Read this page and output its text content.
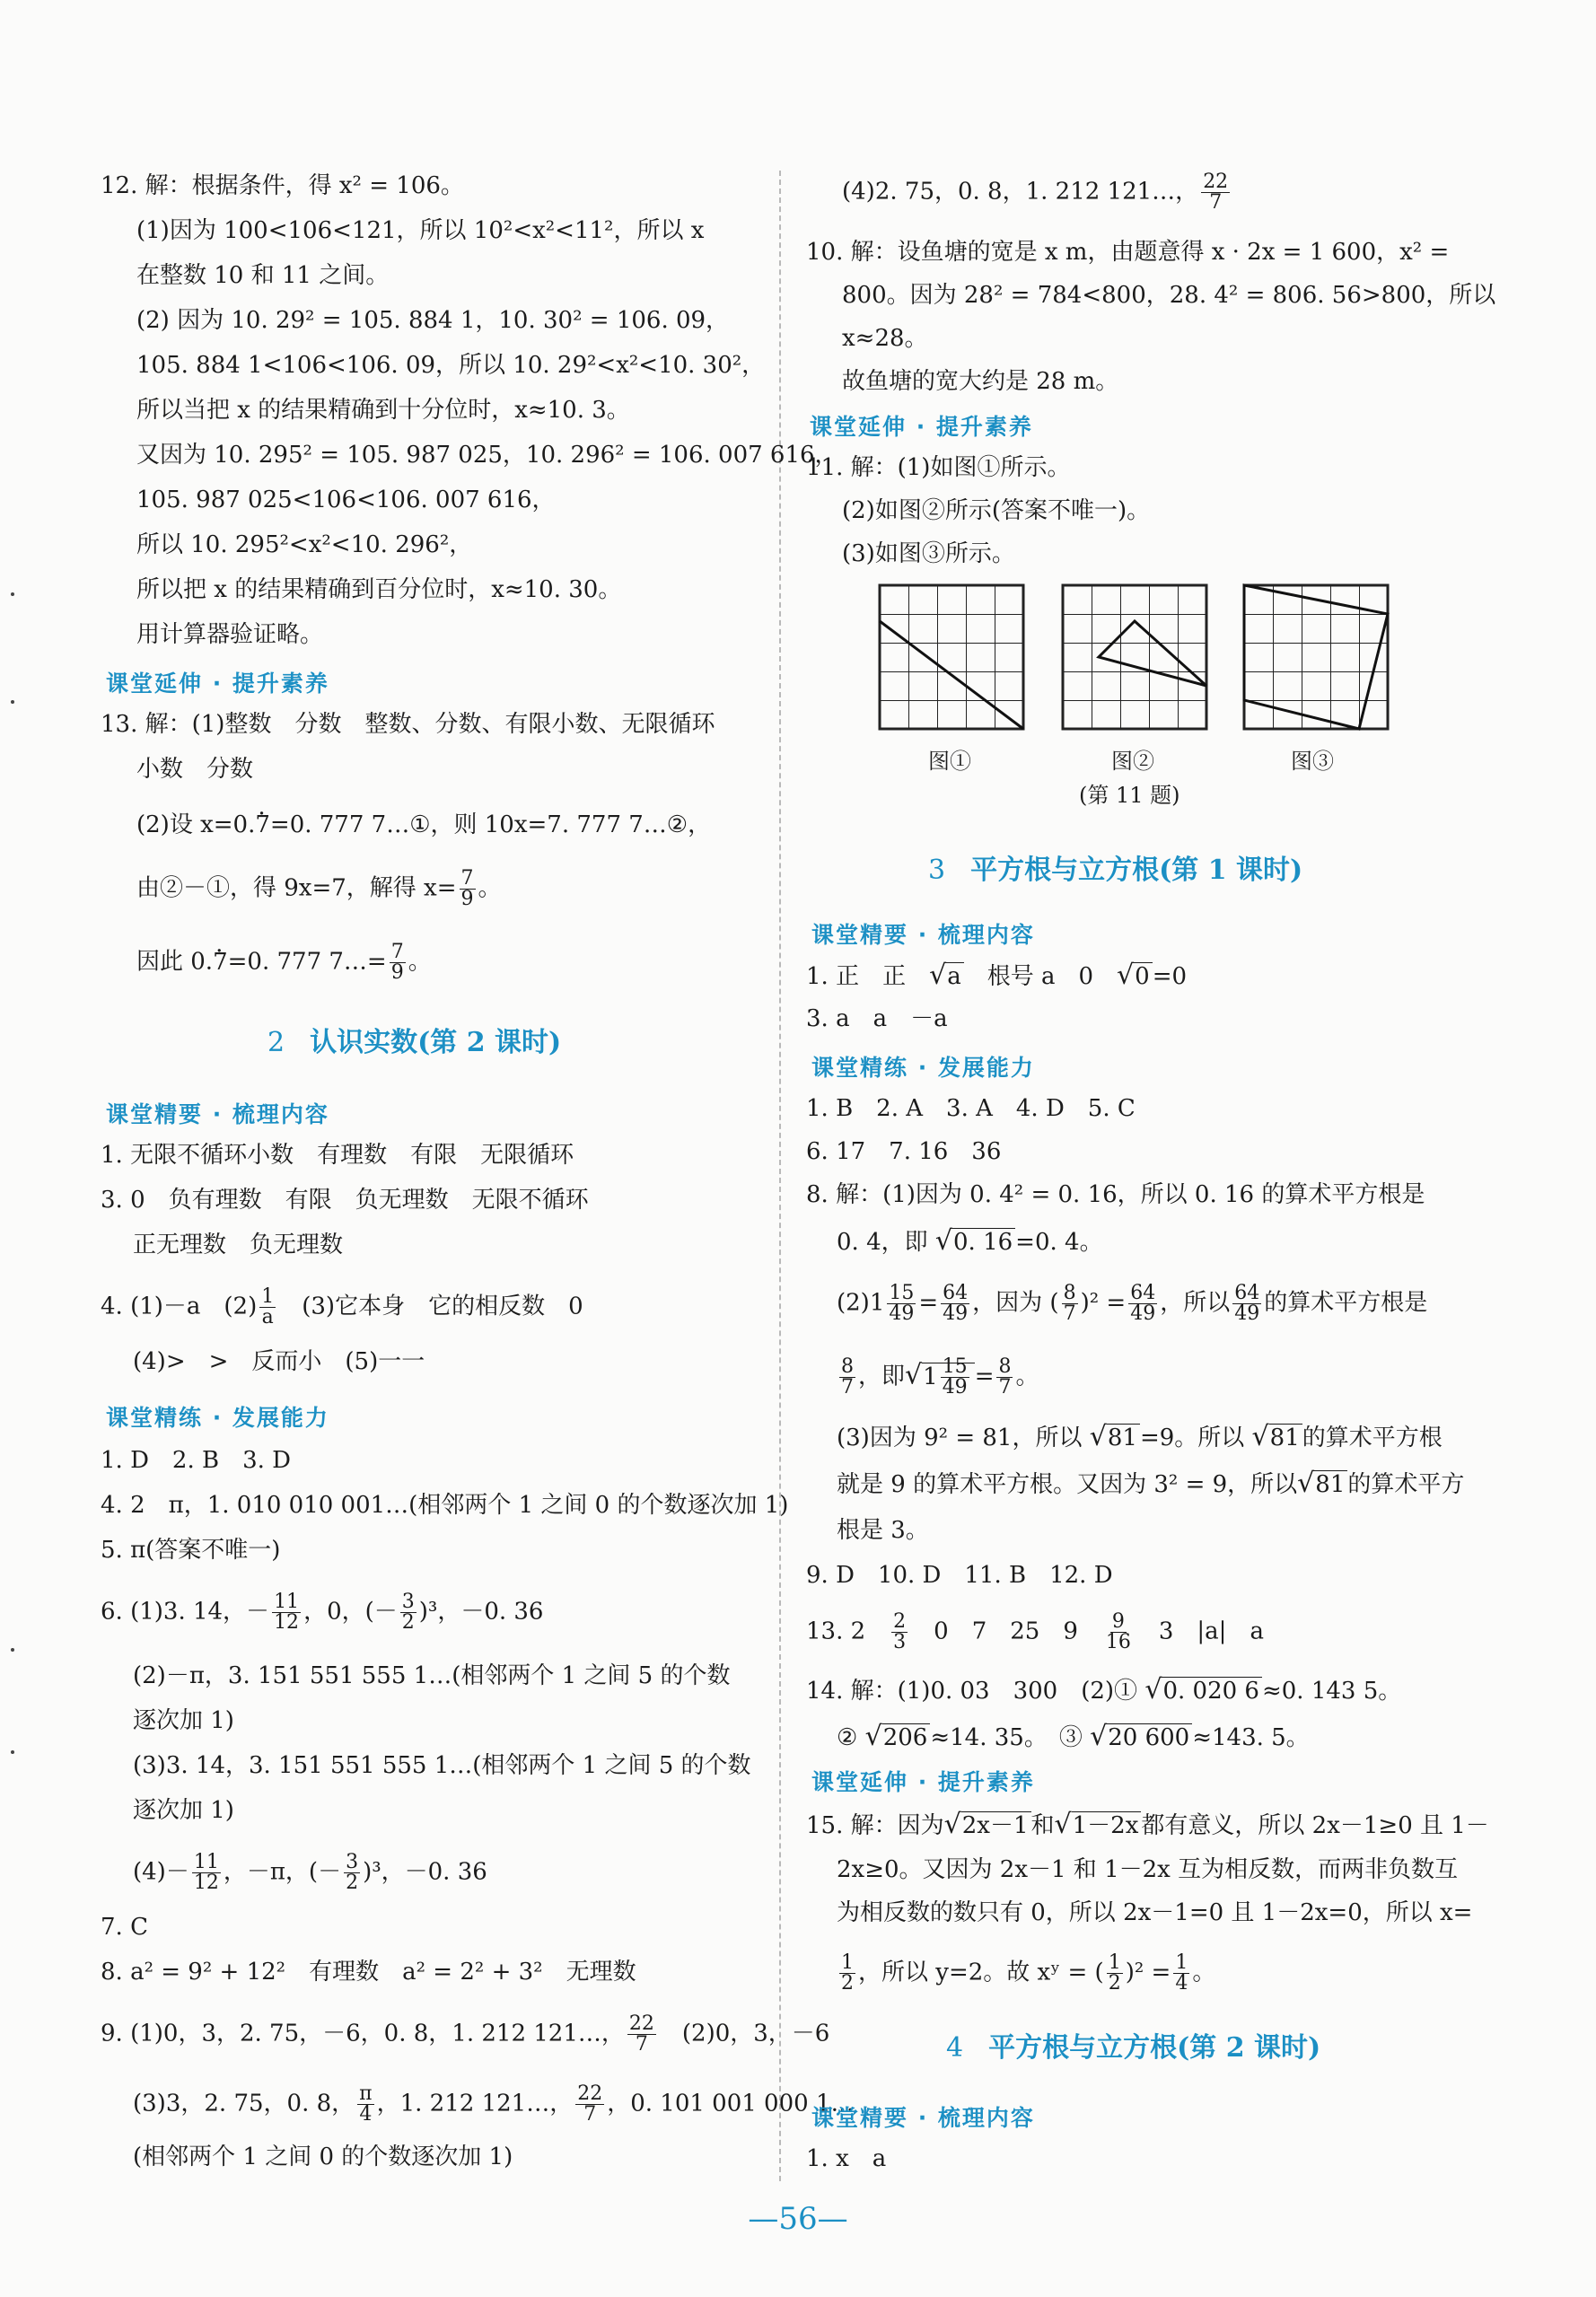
12. 解：根据条件，得 x² = 106。
(1)因为 100<106<121，所以 10²<x²<11²，所以 x
在整数 10 和 11 之间。
(2) 因为 10. 29² = 105. 884 1，10. 30² = 106. 09，
105. 884 1<106<106. 09，所以 10. 29²<x²<10. 30²，
所以当把 x 的结果精确到十分位时，x≈10. 3。
又因为 10. 295² = 105. 987 025，10. 296² = 106. 007 616，
105. 987 025<106<106. 007 616，
所以 10. 295²<x²<10. 296²，
所以把 x 的结果精确到百分位时，x≈10. 30。
用计算器验证略。
课堂延伸 · 提升素养
13. 解：(1)整数　分数　整数、分数、有限小数、无限循环
小数　分数
(2)设 x=0.. 7=0. 777 7…①，则 10x=7. 777 7…②，
由②－①，得 9x=7，解得 $x= \frac{7}{9}$ 。
因此 0.. 7=0. 777 7…= $\frac{7}{9}$ 。
2 认识实数(第 2 课时)
课堂精要 · 梳理内容
1. 无限不循环小数　有理数　有限　无限循环
3. 0　负有理数　有限　负无理数　无限不循环
正无理数　负无理数
4. (1)－a　$(2) \frac{1}{a}$ 　(3)它本身　它的相反数　0
(4)>　>　反而小　(5)一一
课堂精练 · 发展能力
1. D　2. B　3. D
4. 2　π，1. 010 010 001…(相邻两个 1 之间 0 的个数逐次加 1)
5. π(答案不唯一)
6. (1)3. 14，－ $\frac{11}{12}$ ，0，(－ $\frac{3}{2} )^3$，－0. 36
(2)－π，3. 151 551 555 1…(相邻两个 1 之间 5 的个数
逐次加 1)
(3)3. 14，3. 151 551 555 1…(相邻两个 1 之间 5 的个数
逐次加 1)
$(4)- \frac{11}{12}$ ，－π，(－ $\frac{3}{2} )^3$，－0. 36
7. C
8. a² = 9² + 12²　有理数　a² = 2² + 3²　无理数
9. (1)0，3，2. 75，－6，0. 8，1. 212 121…， $\frac{22}{7}$ 　(2)0，3，－6
(3)3，2. 75，0. 8， $\frac{\pi}{4}$ ，1. 212 121…， $\frac{22}{7}$ ，0. 101 001 000 1…
(相邻两个 1 之间 0 的个数逐次加 1)
(4)2. 75，0. 8，1. 212 121…， $\frac{22}{7}$
10. 解：设鱼塘的宽是 x m，由题意得 x · 2x = 1 600，x² =
800。因为 28² = 784<800，28. 4² = 806. 56>800，所以
x≈28。
故鱼塘的宽大约是 28 m。
课堂延伸 · 提升素养
11. 解：(1)如图①所示。
(2)如图②所示(答案不唯一)。
(3)如图③所示。
图①	图②	图③
(第 11 题)
3 平方根与立方根(第 1 课时)
课堂精要 · 梳理内容
1. 正　正　√a　根号 a　0　√0 =0
3. a　a　－a
课堂精练 · 发展能力
1. B　2. A　3. A　4. D　5. C
6. 17　7. 16　36
8. 解：(1)因为 0. 4² = 0. 16，所以 0. 16 的算术平方根是
0. 4，即 √0. 16 =0. 4。
$(2)1 \frac{15}{49} = \frac{64}{49}$ ，因为 ( $\frac{8}{7} )^2 = \frac{64}{49}$ ，所以 $\frac{64}{49}$ 的算术平方根是
$\frac{8}{7}$ ，即$√1 \frac{15}{49} = \frac{8}{7}$ 。
(3)因为 9² = 81，所以 √81 =9。所以 √81 的算术平方根
就是 9 的算术平方根。又因为 3² = 9，所以√81 的算术平方
根是 3。
9. D　10. D　11. B　12. D
13. 2　 $\frac{2}{3}$ 　0　7　25　9　 $\frac{9}{16}$ 　3　|a|　a
14. 解：(1)0. 03　300　(2)① √0. 020 6 ≈0. 143 5。
② √206 ≈14. 35。　③ √20 600 ≈143. 5。
课堂延伸 · 提升素养
15. 解：因为√2x－1 和√1－2x 都有意义，所以 2x－1≥0 且 1－
2x≥0。又因为 2x－1 和 1－2x 互为相反数，而两非负数互
为相反数的数只有 0，所以 2x－1=0 且 1－2x=0，所以 x=
$\frac{1}{2}$ ，所以 y=2。故 xʸ = ( $\frac{1}{2} )^2 = \frac{1}{4}$ 。
4 平方根与立方根(第 2 课时)
课堂精要 · 梳理内容
1. x　a
—56—
